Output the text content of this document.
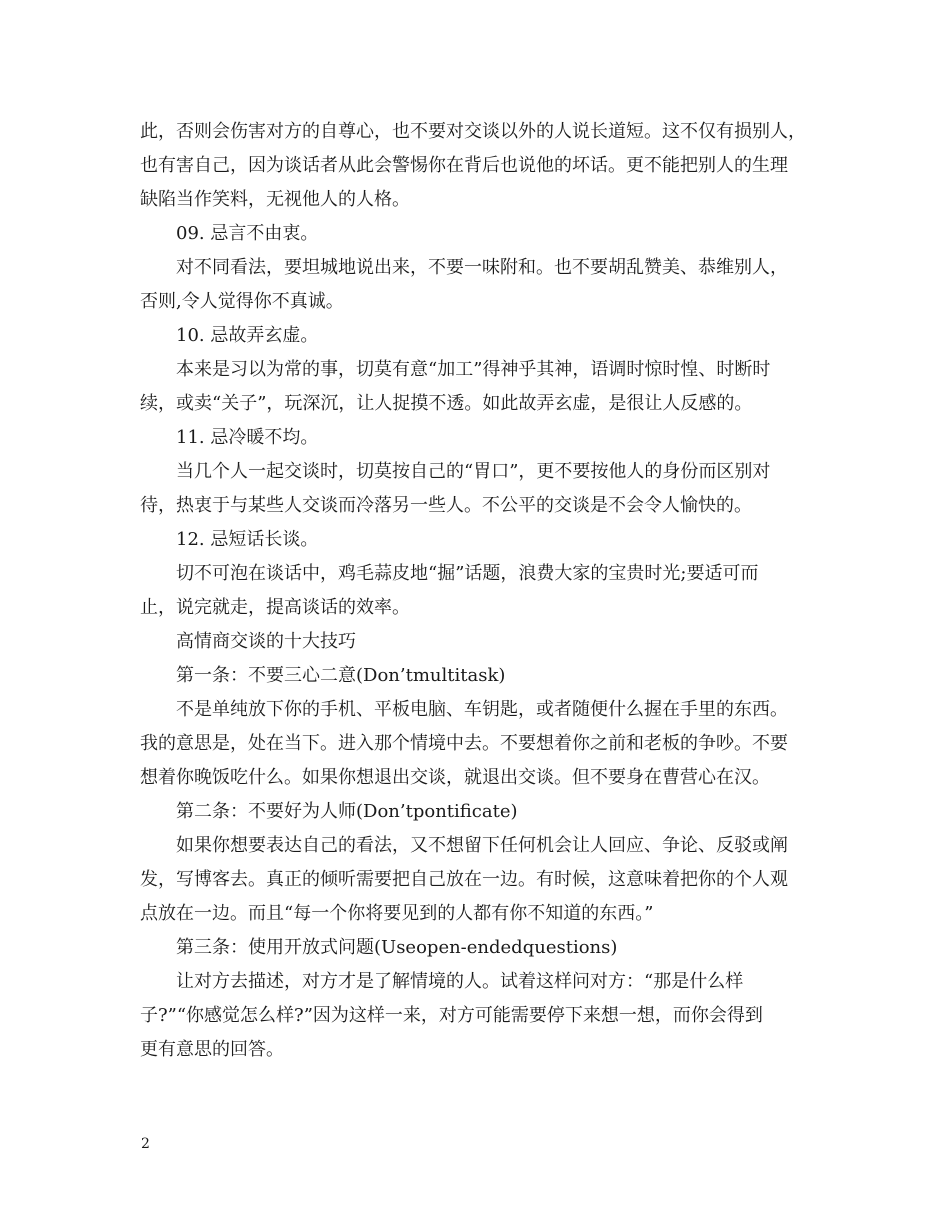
此，否则会伤害对方的自尊心，也不要对交谈以外的人说长道短。这不仅有损别人，
也有害自己，因为谈话者从此会警惕你在背后也说他的坏话。更不能把别人的生理
缺陷当作笑料，无视他人的人格。
09. 忌言不由衷。
对不同看法，要坦城地说出来，不要一味附和。也不要胡乱赞美、恭维别人，
否则,令人觉得你不真诚。
10. 忌故弄玄虚。
本来是习以为常的事，切莫有意“加工”得神乎其神，语调时惊时惶、时断时
续，或卖“关子”，玩深沉，让人捉摸不透。如此故弄玄虚，是很让人反感的。
11. 忌冷暖不均。
当几个人一起交谈时，切莫按自己的“胃口”，更不要按他人的身份而区别对
待，热衷于与某些人交谈而冷落另一些人。不公平的交谈是不会令人愉快的。
12. 忌短话长谈。
切不可泡在谈话中，鸡毛蒜皮地“掘”话题，浪费大家的宝贵时光;要适可而
止，说完就走，提高谈话的效率。
高情商交谈的十大技巧
第一条：不要三心二意(Don’tmultitask)
不是单纯放下你的手机、平板电脑、车钥匙，或者随便什么握在手里的东西。
我的意思是，处在当下。进入那个情境中去。不要想着你之前和老板的争吵。不要
想着你晚饭吃什么。如果你想退出交谈，就退出交谈。但不要身在曹营心在汉。
第二条：不要好为人师(Don’tpontificate)
如果你想要表达自己的看法，又不想留下任何机会让人回应、争论、反驳或阐
发，写博客去。真正的倾听需要把自己放在一边。有时候，这意味着把你的个人观
点放在一边。而且“每一个你将要见到的人都有你不知道的东西。”
第三条：使用开放式问题(Useopen-endedquestions)
让对方去描述，对方才是了解情境的人。试着这样问对方：“那是什么样
子?”“你感觉怎么样?”因为这样一来，对方可能需要停下来想一想，而你会得到
更有意思的回答。
2
